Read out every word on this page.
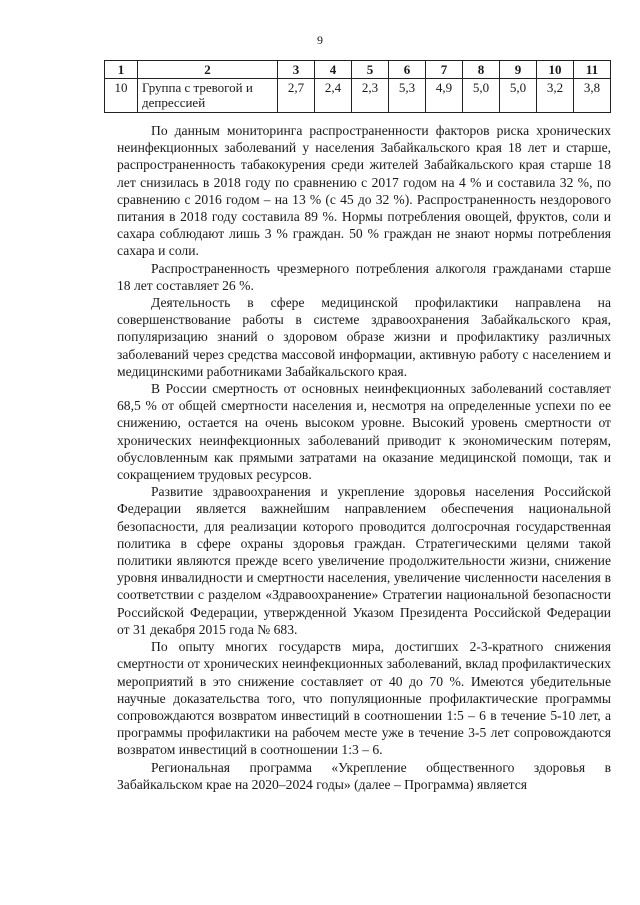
9
1	2	3	4	5	6	7	8	9	10	11
10	Группа с тревогой и депрессией	2,7	2,4	2,3	5,3	4,9	5,0	5,0	3,2	3,8

По данным мониторинга распространенности факторов риска хронических неинфекционных заболеваний у населения Забайкальского края 18 лет и старше, распространенность табакокурения среди жителей Забайкальского края старше 18 лет снизилась в 2018 году по сравнению с 2017 годом на 4 % и составила 32 %, по сравнению с 2016 годом – на 13 % (с 45 до 32 %). Распространенность нездорового питания в 2018 году составила 89 %. Нормы потребления овощей, фруктов, соли и сахара соблюдают лишь 3 % граждан. 50 % граждан не знают нормы потребления сахара и соли.

Распространенность чрезмерного потребления алкоголя гражданами старше 18 лет составляет 26 %.

Деятельность в сфере медицинской профилактики направлена на совершенствование работы в системе здравоохранения Забайкальского края, популяризацию знаний о здоровом образе жизни и профилактику различных заболеваний через средства массовой информации, активную работу с населением и медицинскими работниками Забайкальского края.

В России смертность от основных неинфекционных заболеваний составляет 68,5 % от общей смертности населения и, несмотря на определенные успехи по ее снижению, остается на очень высоком уровне. Высокий уровень смертности от хронических неинфекционных заболеваний приводит к экономическим потерям, обусловленным как прямыми затратами на оказание медицинской помощи, так и сокращением трудовых ресурсов.

Развитие здравоохранения и укрепление здоровья населения Российской Федерации является важнейшим направлением обеспечения национальной безопасности, для реализации которого проводится долгосрочная государственная политика в сфере охраны здоровья граждан. Стратегическими целями такой политики являются прежде всего увеличение продолжительности жизни, снижение уровня инвалидности и смертности населения, увеличение численности населения в соответствии с разделом «Здравоохранение» Стратегии национальной безопасности Российской Федерации, утвержденной Указом Президента Российской Федерации от 31 декабря 2015 года № 683.

По опыту многих государств мира, достигших 2-3-кратного снижения смертности от хронических неинфекционных заболеваний, вклад профилактических мероприятий в это снижение составляет от 40 до 70 %. Имеются убедительные научные доказательства того, что популяционные профилактические программы сопровождаются возвратом инвестиций в соотношении 1:5 – 6 в течение 5-10 лет, а программы профилактики на рабочем месте уже в течение 3-5 лет сопровождаются возвратом инвестиций в соотношении 1:3 – 6.

Региональная программа «Укрепление общественного здоровья в Забайкальском крае на 2020–2024 годы» (далее – Программа) является
